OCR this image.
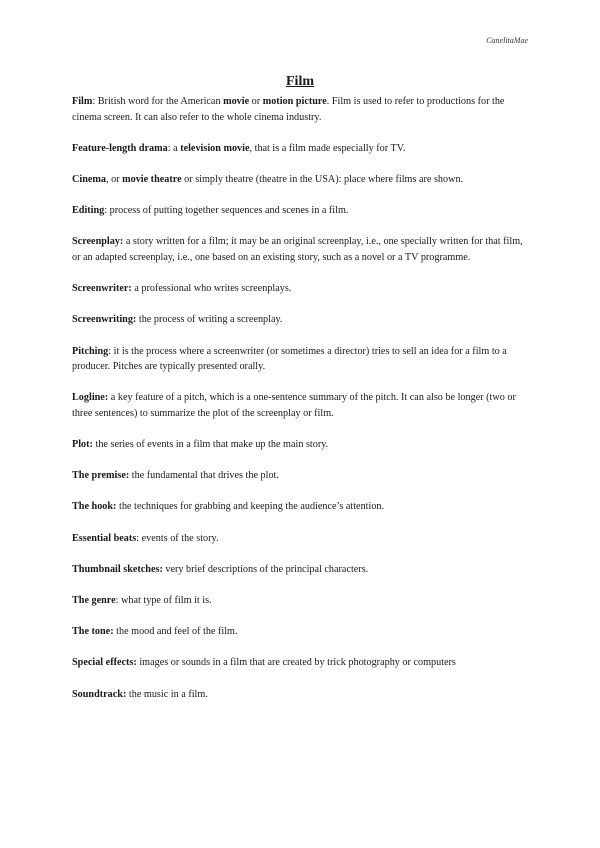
CanelitaMae
Film

Film: British word for the American movie or motion picture. Film is used to refer to productions for the cinema screen. It can also refer to the whole cinema industry.

Feature-length drama: a television movie, that is a film made especially for TV.

Cinema, or movie theatre or simply theatre (theatre in the USA): place where films are shown.

Editing: process of putting together sequences and scenes in a film.

Screenplay: a story written for a film; it may be an original screenplay, i.e., one specially written for that film, or an adapted screenplay, i.e., one based on an existing story, such as a novel or a TV programme.

Screenwriter: a professional who writes screenplays.

Screenwriting: the process of writing a screenplay.

Pitching: it is the process where a screenwriter (or sometimes a director) tries to sell an idea for a film to a producer. Pitches are typically presented orally.

Logline: a key feature of a pitch, which is a one-sentence summary of the pitch. It can also be longer (two or three sentences) to summarize the plot of the screenplay or film.

Plot: the series of events in a film that make up the main story.

The premise: the fundamental that drives the plot.

The hook: the techniques for grabbing and keeping the audience’s attention.

Essential beats: events of the story.

Thumbnail sketches: very brief descriptions of the principal characters.

The genre: what type of film it is.

The tone: the mood and feel of the film.

Special effects: images or sounds in a film that are created by trick photography or computers

Soundtrack: the music in a film.
